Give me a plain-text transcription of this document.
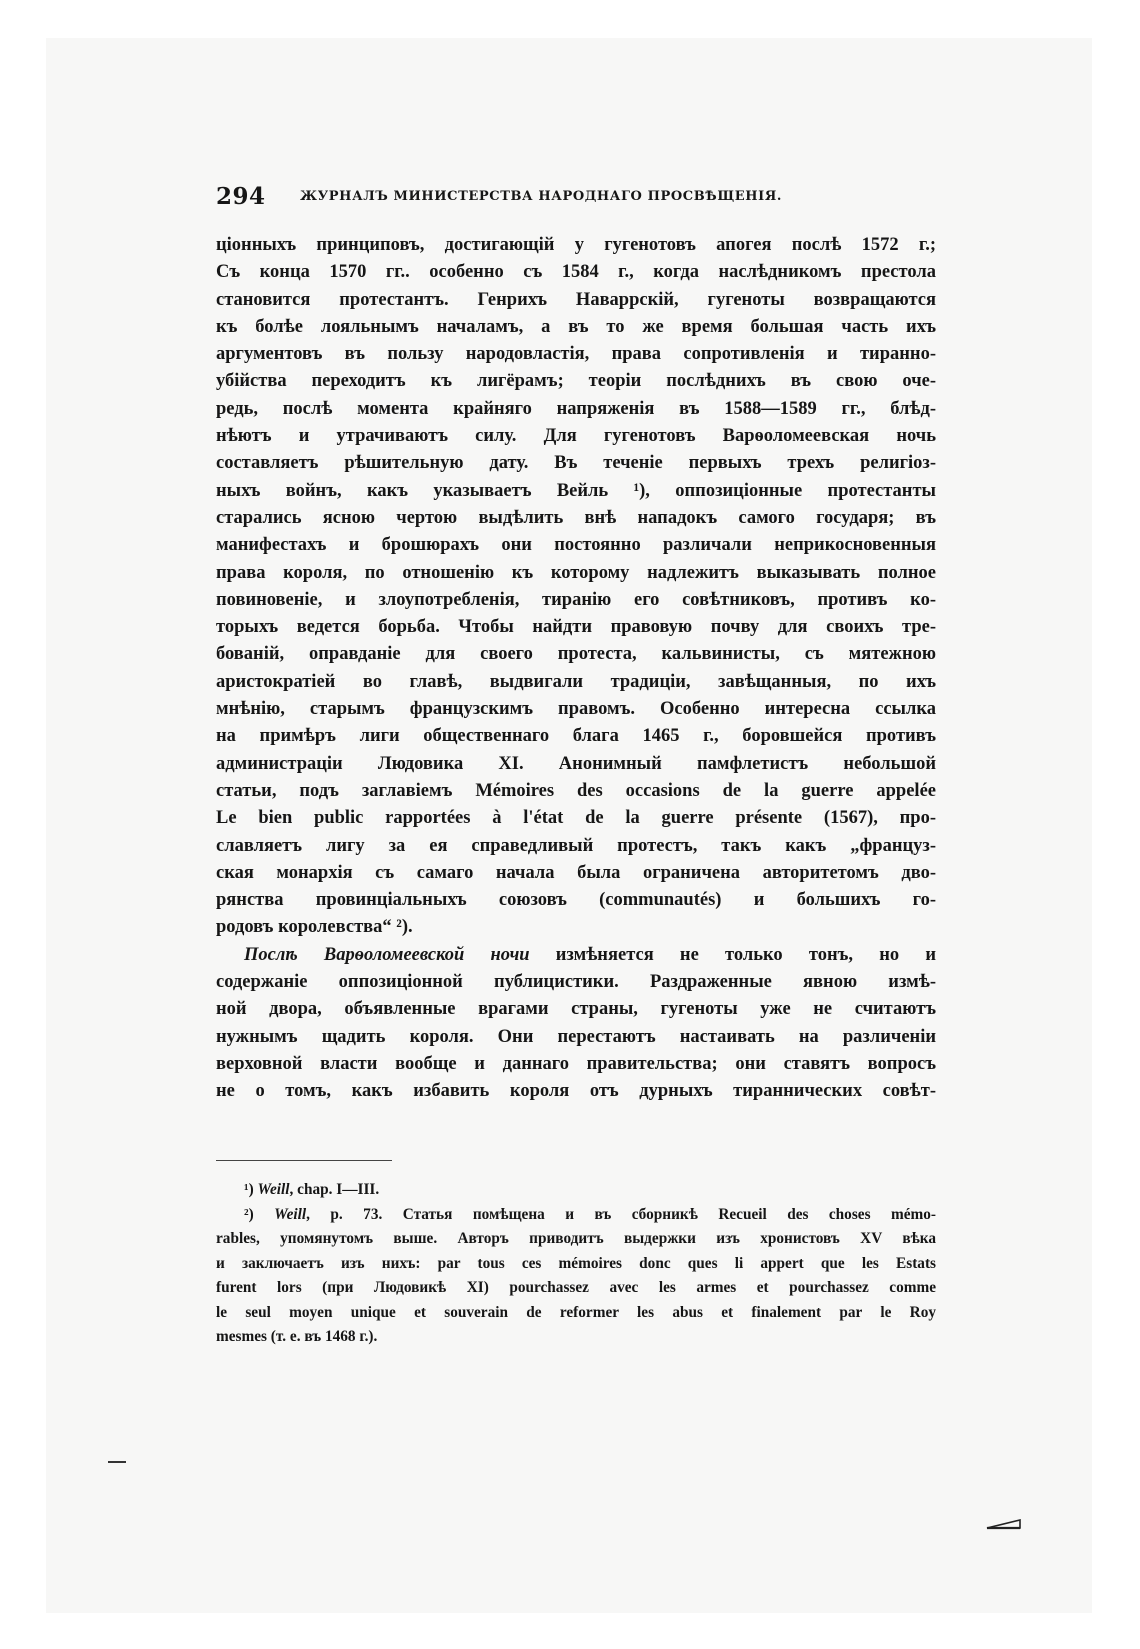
294	ЖУРНАЛЪ МИНИСТЕРСТВА НАРОДНАГО ПРОСВѢЩЕНІЯ.
ціонныхъ принциповъ, достигающій у гугенотовъ апогея послѣ 1572 г.;
Съ конца 1570 гг.. особенно съ 1584 г., когда наслѣдникомъ престола
становится протестантъ. Генрихъ Наваррскій, гугеноты возвращаются
къ болѣе лояльнымъ началамъ, а въ то же время большая часть ихъ
аргументовъ въ пользу народовластія, права сопротивленія и тиранно-
убійства переходитъ къ лигёрамъ; теоріи послѣднихъ въ свою оче-
редь, послѣ момента крайняго напряженія въ 1588—1589 гг., блѣд-
нѣютъ и утрачиваютъ силу. Для гугенотовъ Варѳоломеевская ночь
составляетъ рѣшительную дату. Въ теченіе первыхъ трехъ религіоз-
ныхъ войнъ, какъ указываетъ Вейль ¹), оппозиціонные протестанты
старались ясною чертою выдѣлить внѣ нападокъ самого государя; въ
манифестахъ и брошюрахъ они постоянно различали неприкосновенныя
права короля, по отношенію къ которому надлежитъ выказывать полное
повиновеніе, и злоупотребленія, тиранію его совѣтниковъ, противъ ко-
торыхъ ведется борьба. Чтобы найдти правовую почву для своихъ тре-
бованій, оправданіе для своего протеста, кальвинисты, съ мятежною
аристократіей во главѣ, выдвигали традиціи, завѣщанныя, по ихъ
мнѣнію, старымъ французскимъ правомъ. Особенно интересна ссылка
на примѣръ лиги общественнаго блага 1465 г., боровшейся противъ
администраціи Людовика XI. Анонимный памфлетистъ небольшой
статьи, подъ заглавіемъ Mémoires des occasions de la guerre appelée
Le bien public rapportées à l'état de la guerre présente (1567), про-
славляетъ лигу за ея справедливый протестъ, такъ какъ „француз-
ская монархія съ самаго начала была ограничена авторитетомъ дво-
рянства провинціальныхъ союзовъ (communautés) и большихъ го-
родовъ королевства“ ²).
Послѣ Варѳоломеевской ночи измѣняется не только тонъ, но и
содержаніе оппозиціонной публицистики. Раздраженные явною измѣ-
ной двора, объявленные врагами страны, гугеноты уже не считаютъ
нужнымъ щадить короля. Они перестаютъ настаивать на различеніи
верховной власти вообще и даннаго правительства; они ставятъ вопросъ
не о томъ, какъ избавить короля отъ дурныхъ тираннических совѣт-
¹) Weill, chap. I—III.
²) Weill, p. 73. Статья помѣщена и въ сборникѣ Recueil des choses mémo-
rables, упомянутомъ выше. Авторъ приводитъ выдержки изъ хронистовъ XV вѣка
и заключаетъ изъ нихъ: par tous ces mémoires donc ques li appert que les Estats
furent lors (при Людовикѣ XI) pourchassez avec les armes et pourchassez comme
le seul moyen unique et souverain de reformer les abus et finalement par le Roy
mesmes (т. е. въ 1468 г.).
